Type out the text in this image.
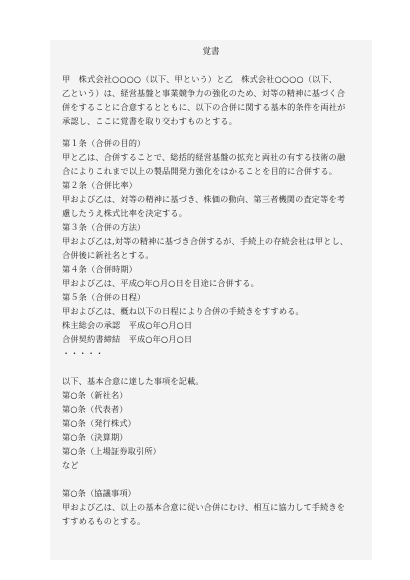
覚書
甲　株式会社○○○○（以下、甲という）と乙　株式会社○○○○（以下、
乙という）は、経営基盤と事業競争力の強化のため、対等の精神に基づく合
併をすることに合意するとともに、以下の合併に関する基本的条件を両社が
承認し、ここに覚書を取り交わすものとする。
第１条（合併の目的）
甲と乙は、合併することで、総括的経営基盤の拡充と両社の有する技術の融
合によりこれまで以上の製品開発力強化をはかることを目的に合併する。
第２条（合併比率）
甲および乙は、対等の精神に基づき、株価の動向、第三者機関の査定等を考
慮したうえ株式比率を決定する。
第３条（合併の方法）
甲および乙は,対等の精神に基づき合併するが、手続上の存続会社は甲とし、
合併後に新社名とする。
第４条（合併時期）
甲および乙は、平成○年○月○日を目途に合併する。
第５条（合併の日程）
甲および乙は、概ね以下の日程により合併の手続きをすすめる。
株主総会の承認　平成○年○月○日
合併契約書締結　平成○年○月○日
・・・・・
以下、基本合意に達した事項を記載。
第○条（新社名）
第○条（代表者）
第○条（発行株式）
第○条（決算期）
第○条（上場証券取引所）
など
第○条（協議事項）
甲および乙は、以上の基本合意に従い合併にむけ、相互に協力して手続きを
すすめるものとする。
